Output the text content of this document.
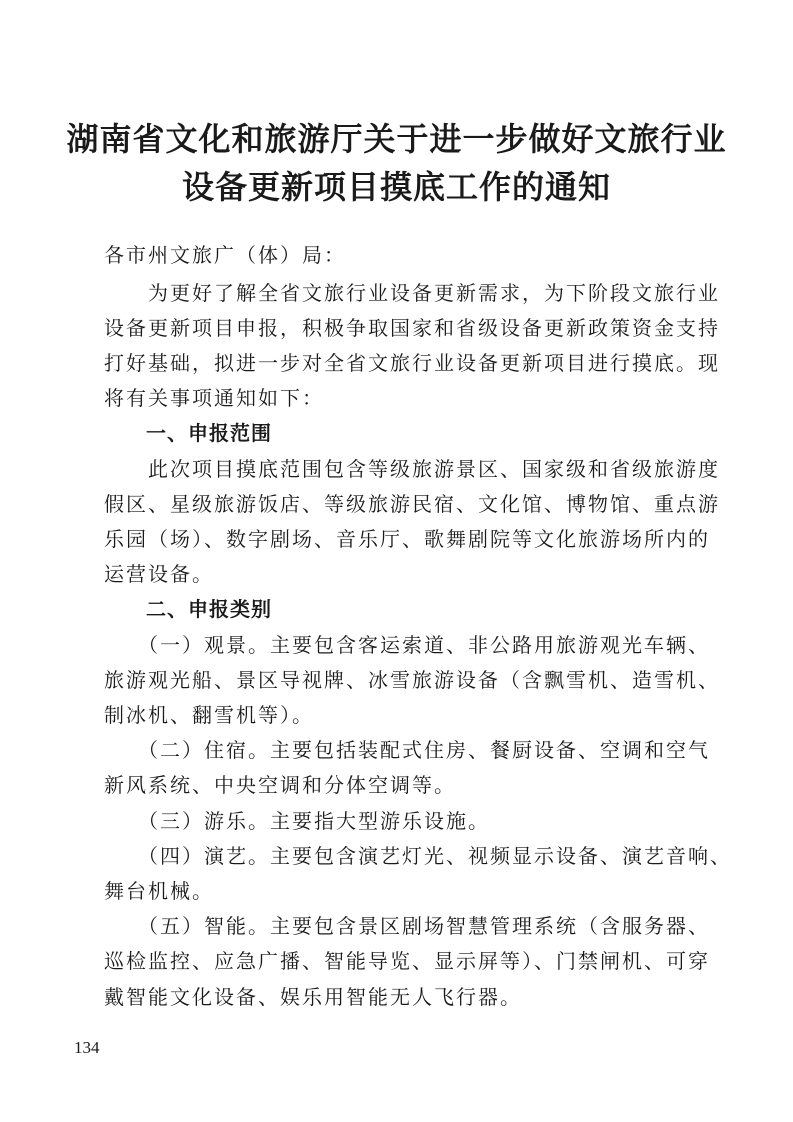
湖南省文化和旅游厅关于进一步做好文旅行业
设备更新项目摸底工作的通知
各市州文旅广（体）局：
　　为更好了解全省文旅行业设备更新需求，为下阶段文旅行业
设备更新项目申报，积极争取国家和省级设备更新政策资金支持
打好基础，拟进一步对全省文旅行业设备更新项目进行摸底。现
将有关事项通知如下：
　　一、申报范围
　　此次项目摸底范围包含等级旅游景区、国家级和省级旅游度
假区、星级旅游饭店、等级旅游民宿、文化馆、博物馆、重点游
乐园（场）、数字剧场、音乐厅、歌舞剧院等文化旅游场所内的
运营设备。
　　二、申报类别
　　（一）观景。主要包含客运索道、非公路用旅游观光车辆、
旅游观光船、景区导视牌、冰雪旅游设备（含飘雪机、造雪机、
制冰机、翻雪机等）。
　　（二）住宿。主要包括装配式住房、餐厨设备、空调和空气
新风系统、中央空调和分体空调等。
　　（三）游乐。主要指大型游乐设施。
　　（四）演艺。主要包含演艺灯光、视频显示设备、演艺音响、
舞台机械。
　　（五）智能。主要包含景区剧场智慧管理系统（含服务器、
巡检监控、应急广播、智能导览、显示屏等）、门禁闸机、可穿
戴智能文化设备、娱乐用智能无人飞行器。
134
